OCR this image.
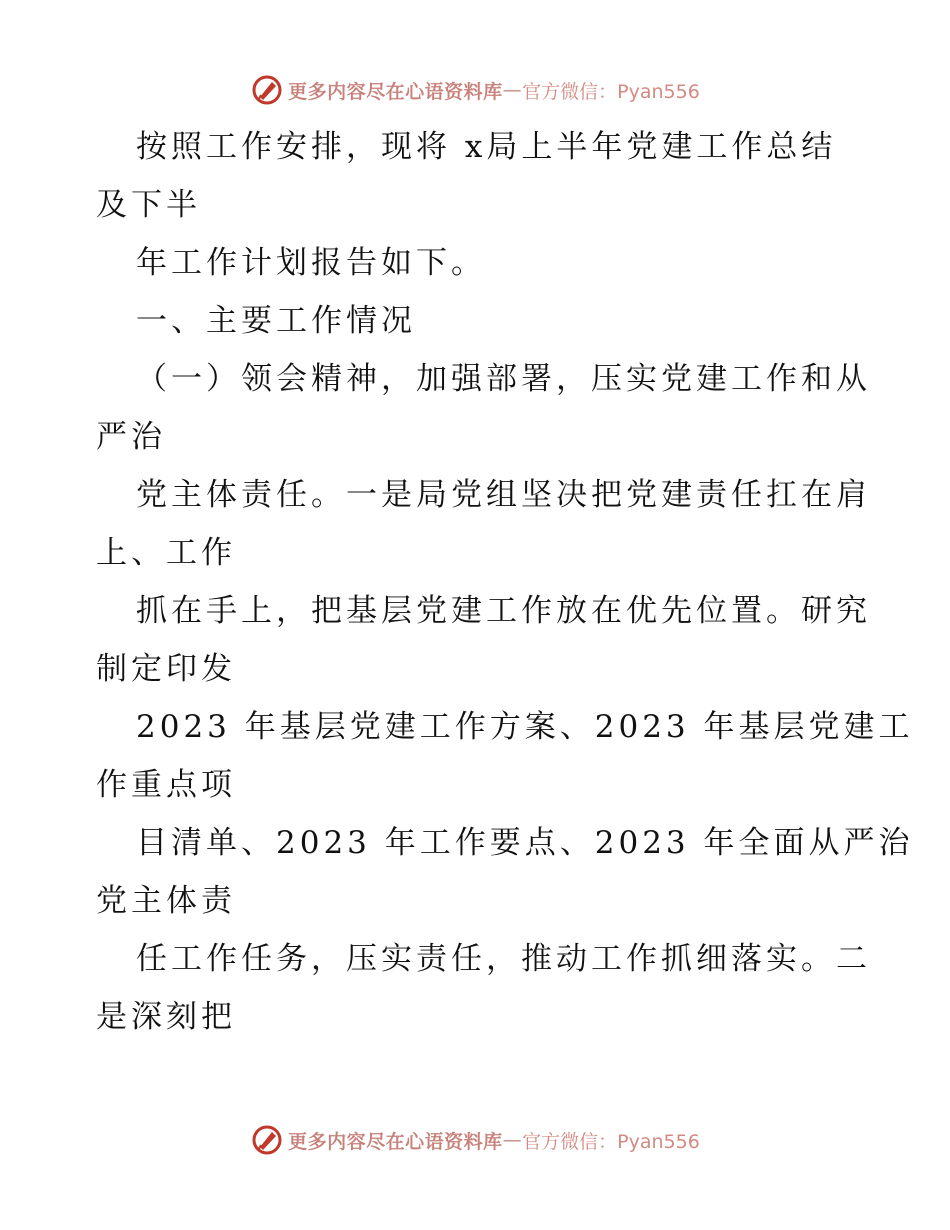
更多内容尽在心语资料库 — 官方微信：Pyan556
按照工作安排，现将 x局上半年党建工作总结
及下半
年工作计划报告如下。
一、主要工作情况
（一）领会精神，加强部署，压实党建工作和从
严治
党主体责任。一是局党组坚决把党建责任扛在肩
上、工作
抓在手上，把基层党建工作放在优先位置。研究
制定印发
2023 年基层党建工作方案、2023 年基层党建工
作重点项
目清单、2023 年工作要点、2023 年全面从严治
党主体责
任工作任务，压实责任，推动工作抓细落实。二
是深刻把
更多内容尽在心语资料库 — 官方微信：Pyan556
